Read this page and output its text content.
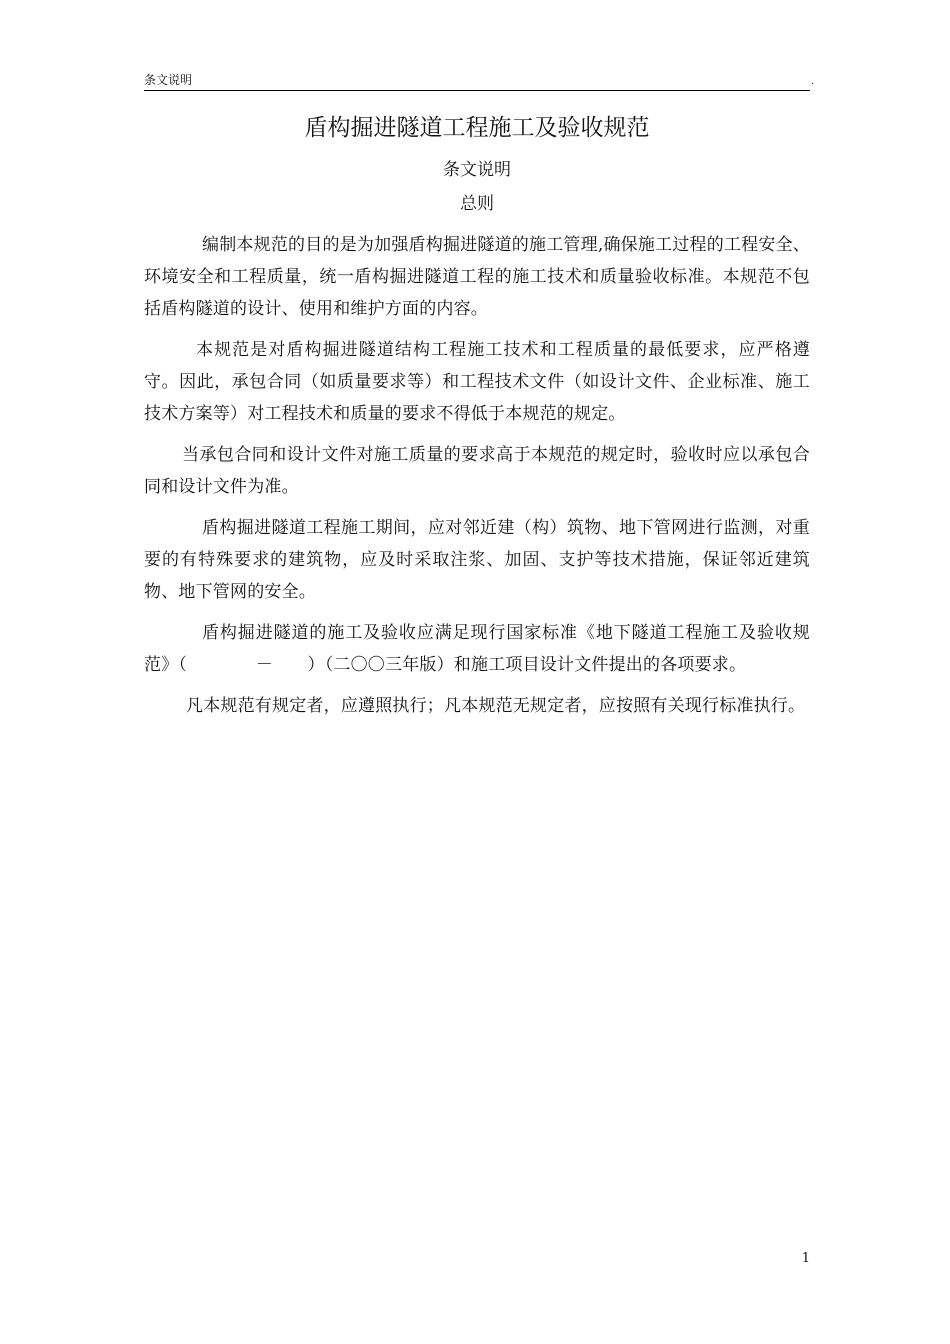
条文说明	.
盾构掘进隧道工程施工及验收规范
条文说明
总则

编制本规范的目的是为加强盾构掘进隧道的施工管理,确保施工过程的工程安全、环境安全和工程质量，统一盾构掘进隧道工程的施工技术和质量验收标准。本规范不包括盾构隧道的设计、使用和维护方面的内容。

本规范是对盾构掘进隧道结构工程施工技术和工程质量的最低要求，应严格遵守。因此，承包合同（如质量要求等）和工程技术文件（如设计文件、企业标准、施工技术方案等）对工程技术和质量的要求不得低于本规范的规定。

当承包合同和设计文件对施工质量的要求高于本规范的规定时，验收时应以承包合同和设计文件为准。

盾构掘进隧道工程施工期间，应对邻近建（构）筑物、地下管网进行监测，对重要的有特殊要求的建筑物，应及时采取注浆、加固、支护等技术措施，保证邻近建筑物、地下管网的安全。

盾构掘进隧道的施工及验收应满足现行国家标准《地下隧道工程施工及验收规范》（　　　　－　　）（二〇〇三年版）和施工项目设计文件提出的各项要求。

凡本规范有规定者，应遵照执行；凡本规范无规定者，应按照有关现行标准执行。

1
